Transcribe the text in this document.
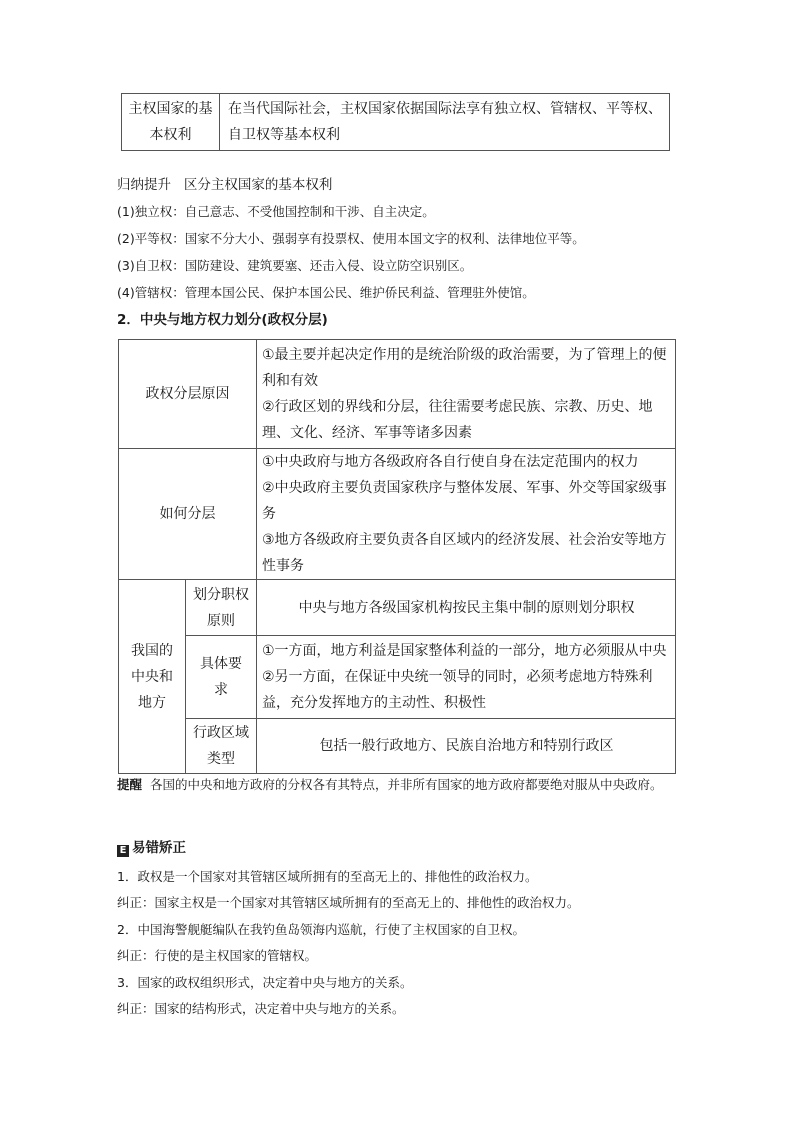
主权国家的基本权利	在当代国际社会，主权国家依据国际法享有独立权、管辖权、平等权、自卫权等基本权利
归纳提升 区分主权国家的基本权利
(1)独立权：自己意志、不受他国控制和干涉、自主决定。
(2)平等权：国家不分大小、强弱享有投票权、使用本国文字的权利、法律地位平等。
(3)自卫权：国防建设、建筑要塞、还击入侵、设立防空识别区。
(4)管辖权：管理本国公民、保护本国公民、维护侨民利益、管理驻外使馆。
2．中央与地方权力划分(政权分层)
政权分层原因		①最主要并起决定作用的是统治阶级的政治需要，为了管理上的便利和有效
②行政区划的界线和分层，往往需要考虑民族、宗教、历史、地理、文化、经济、军事等诸多因素

如何分层		①中央政府与地方各级政府各自行使自身在法定范围内的权力
②中央政府主要负责国家秩序与整体发展、军事、外交等国家级事务
③地方各级政府主要负责各自区域内的经济发展、社会治安等地方性事务

我国的中央和地方	划分职权原则	中央与地方各级国家机构按民主集中制的原则划分职权
	具体要求	①一方面，地方利益是国家整体利益的一部分，地方必须服从中央
②另一方面，在保证中央统一领导的同时，必须考虑地方特殊利益，充分发挥地方的主动性、积极性

	行政区域类型	包括一般行政地方、民族自治地方和特别行政区
提醒 各国的中央和地方政府的分权各有其特点，并非所有国家的地方政府都要绝对服从中央政府。
E 易错矫正
1．政权是一个国家对其管辖区域所拥有的至高无上的、排他性的政治权力。
纠正：国家主权是一个国家对其管辖区域所拥有的至高无上的、排他性的政治权力。
2．中国海警舰艇编队在我钓鱼岛领海内巡航，行使了主权国家的自卫权。
纠正：行使的是主权国家的管辖权。
3．国家的政权组织形式，决定着中央与地方的关系。
纠正：国家的结构形式，决定着中央与地方的关系。
